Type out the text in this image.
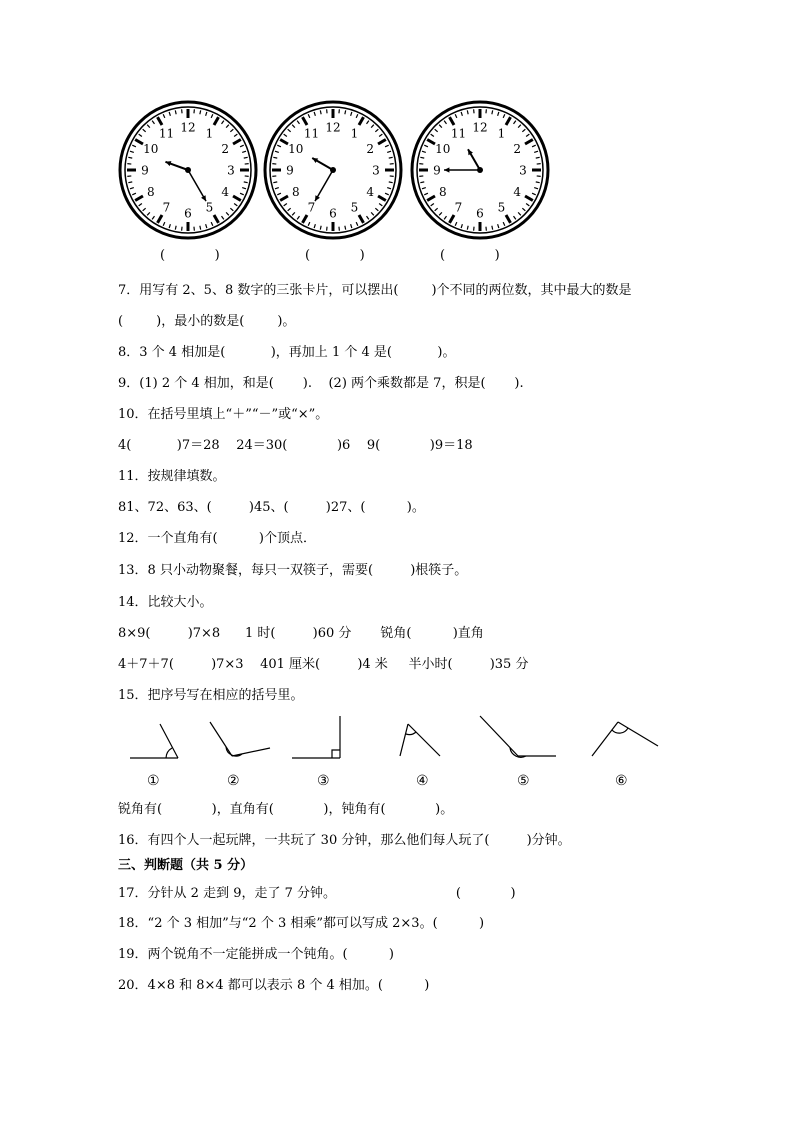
12 1
2
3
4
5
6
7
8
9
10
11	12 1
2
3
4
5
6
7
8
9
10
11	12 1
2
3
4
5
6
7
8
9
10
11
(            )	(            )	(            )
7．用写有 2、5、8 数字的三张卡片，可以摆出(        )个不同的两位数，其中最大的数是
(        )，最小的数是(        )。
8．3 个 4 相加是(           )，再加上 1 个 4 是(           )。
9．(1) 2 个 4 相加，和是(       ).    (2) 两个乘数都是 7，积是(       ).
10．在括号里填上“＋”“－”或“×”。
4(           )7＝28    24＝30(            )6    9(            )9＝18
11．按规律填数。
81、72、63、(         )45、(         )27、(          )。
12．一个直角有(          )个顶点．
13．8 只小动物聚餐，每只一双筷子，需要(         )根筷子。
14．比较大小。
8×9(         )7×8      1 时(         )60 分       锐角(          )直角
4＋7＋7(         )7×3    401 厘米(         )4 米     半小时(         )35 分
15．把序号写在相应的括号里。
①	②	③	④	⑤	⑥
锐角有(            )，直角有(            )，钝角有(            )。
16．有四个人一起玩牌，一共玩了 30 分钟，那么他们每人玩了(         )分钟。
三、判断题（共 5 分）
17．分针从 2 走到 9，走了 7 分钟。                             (            )
18．“2 个 3 相加”与“2 个 3 相乘”都可以写成 2×3。(          )
19．两个锐角不一定能拼成一个钝角。(          )
20．4×8 和 8×4 都可以表示 8 个 4 相加。(          )
